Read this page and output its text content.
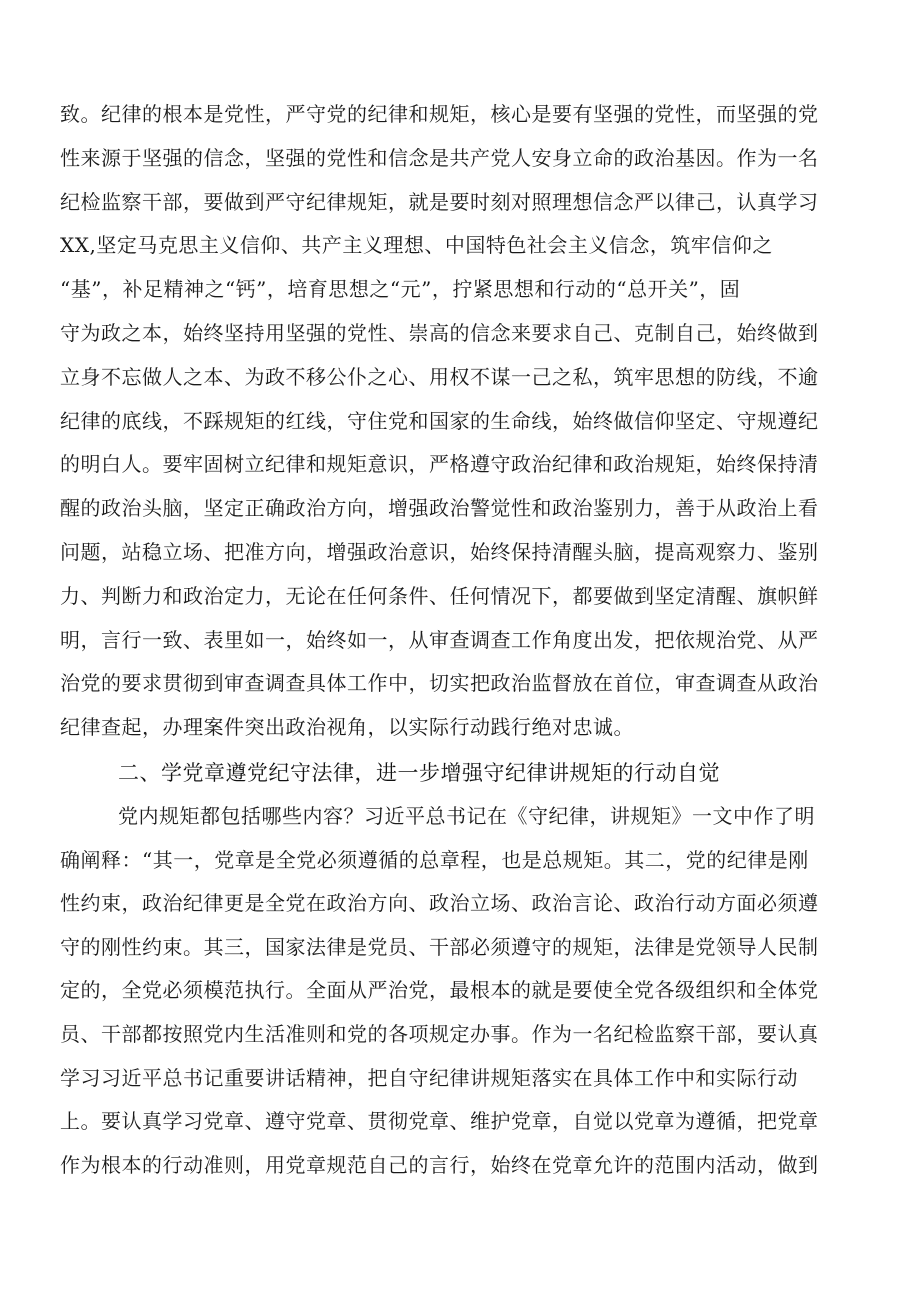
致。纪律的根本是党性，严守党的纪律和规矩，核心是要有坚强的党性，而坚强的党
性来源于坚强的信念，坚强的党性和信念是共产党人安身立命的政治基因。作为一名
纪检监察干部，要做到严守纪律规矩，就是要时刻对照理想信念严以律己，认真学习
XX,坚定马克思主义信仰、共产主义理想、中国特色社会主义信念，筑牢信仰之
“基”，补足精神之“钙”，培育思想之“元”，拧紧思想和行动的“总开关”，固
守为政之本，始终坚持用坚强的党性、崇高的信念来要求自己、克制自己，始终做到
立身不忘做人之本、为政不移公仆之心、用权不谋一己之私，筑牢思想的防线，不逾
纪律的底线，不踩规矩的红线，守住党和国家的生命线，始终做信仰坚定、守规遵纪
的明白人。要牢固树立纪律和规矩意识，严格遵守政治纪律和政治规矩，始终保持清
醒的政治头脑，坚定正确政治方向，增强政治警觉性和政治鉴别力，善于从政治上看
问题，站稳立场、把准方向，增强政治意识，始终保持清醒头脑，提高观察力、鉴别
力、判断力和政治定力，无论在任何条件、任何情况下，都要做到坚定清醒、旗帜鲜
明，言行一致、表里如一，始终如一，从审查调查工作角度出发，把依规治党、从严
治党的要求贯彻到审查调查具体工作中，切实把政治监督放在首位，审查调查从政治
纪律查起，办理案件突出政治视角，以实际行动践行绝对忠诚。
二、学党章遵党纪守法律，进一步增强守纪律讲规矩的行动自觉
党内规矩都包括哪些内容？习近平总书记在《守纪律，讲规矩》一文中作了明
确阐释：“其一，党章是全党必须遵循的总章程，也是总规矩。其二，党的纪律是刚
性约束，政治纪律更是全党在政治方向、政治立场、政治言论、政治行动方面必须遵
守的刚性约束。其三，国家法律是党员、干部必须遵守的规矩，法律是党领导人民制
定的，全党必须模范执行。全面从严治党，最根本的就是要使全党各级组织和全体党
员、干部都按照党内生活准则和党的各项规定办事。作为一名纪检监察干部，要认真
学习习近平总书记重要讲话精神，把自守纪律讲规矩落实在具体工作中和实际行动
上。要认真学习党章、遵守党章、贯彻党章、维护党章，自觉以党章为遵循，把党章
作为根本的行动准则，用党章规范自己的言行，始终在党章允许的范围内活动，做到
